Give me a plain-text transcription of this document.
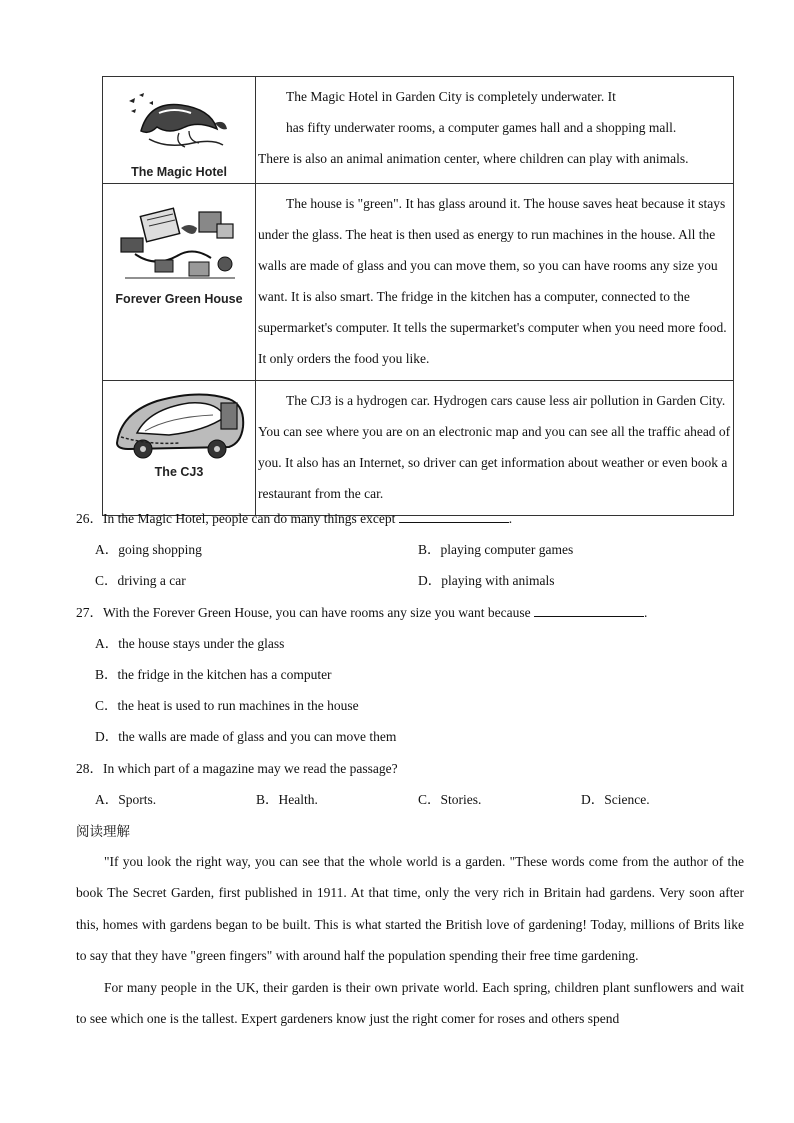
The Magic Hotel	The Magic Hotel in Garden City is completely underwater. It
has fifty underwater rooms, a computer games hall and a shopping mall.
There is also an animal animation center, where children can play with animals.

Forever Green House	The house is "green". It has glass around it. The house saves heat because it stays under the glass. The heat is then used as energy to run machines in the house. All the walls are made of glass and you can move them, so you can have rooms any size you want. It is also smart. The fridge in the kitchen has a computer, connected to the supermarket's computer. It tells the supermarket's computer when you need more food. It only orders the food you like.

The CJ3	The CJ3 is a hydrogen car. Hydrogen cars cause less air pollution in Garden City. You can see where you are on an electronic map and you can see all the traffic ahead of you. It also has an Internet, so driver can get information about weather or even book a restaurant from the car.
26．In the Magic Hotel, people can do many things except	.
A．going shopping	B．playing computer games
C．driving a car	D．playing with animals
27．With the Forever Green House, you can have rooms any size you want because	.
A．the house stays under the glass
B．the fridge in the kitchen has a computer
C．the heat is used to run machines in the house
D．the walls are made of glass and you can move them
28．In which part of a magazine may we read the passage?
A．Sports.	B．Health.	C．Stories.	D．Science.
阅读理解

"If you look the right way, you can see that the whole world is a garden. "These words come from the author of the book The Secret Garden, first published in 1911. At that time, only the very rich in Britain had gardens. Very soon after this, homes with gardens began to be built. This is what started the British love of gardening! Today, millions of Brits like to say that they have "green fingers" with around half the population spending their free time gardening.

For many people in the UK, their garden is their own private world. Each spring, children plant sunflowers and wait to see which one is the tallest. Expert gardeners know just the right comer for roses and others spend
